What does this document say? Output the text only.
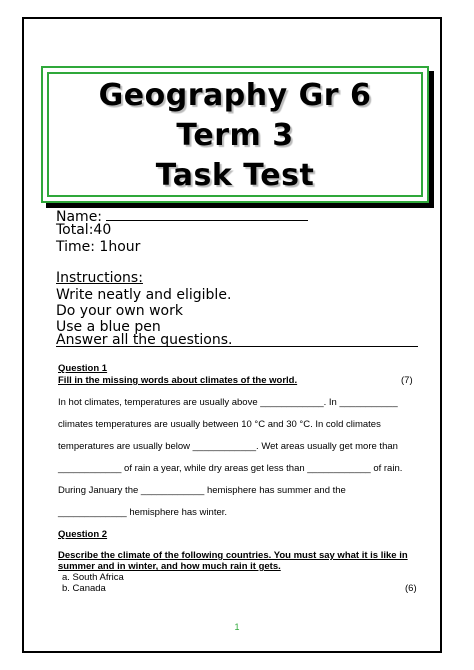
Geography Gr 6
Term 3
Task Test
Name:
Total:40
Time: 1hour
Instructions:
Write neatly and eligible.
Do your own work
Use a blue pen
Answer all the questions.
Question 1
Fill in the missing words about climates of the world.	(7)
In hot climates, temperatures are usually above ____________. In ___________
climates temperatures are usually between 10 °C and 30 °C. In cold climates
temperatures are usually below ____________. Wet areas usually get more than
____________ of rain a year, while dry areas get less than ____________ of rain.
During January the ____________ hemisphere has summer and the
_____________ hemisphere has winter.
Question 2
Describe the climate of the following countries. You must say what it is like in
summer and in winter, and how much rain it gets.
a. South Africa
b. Canada	(6)
1
